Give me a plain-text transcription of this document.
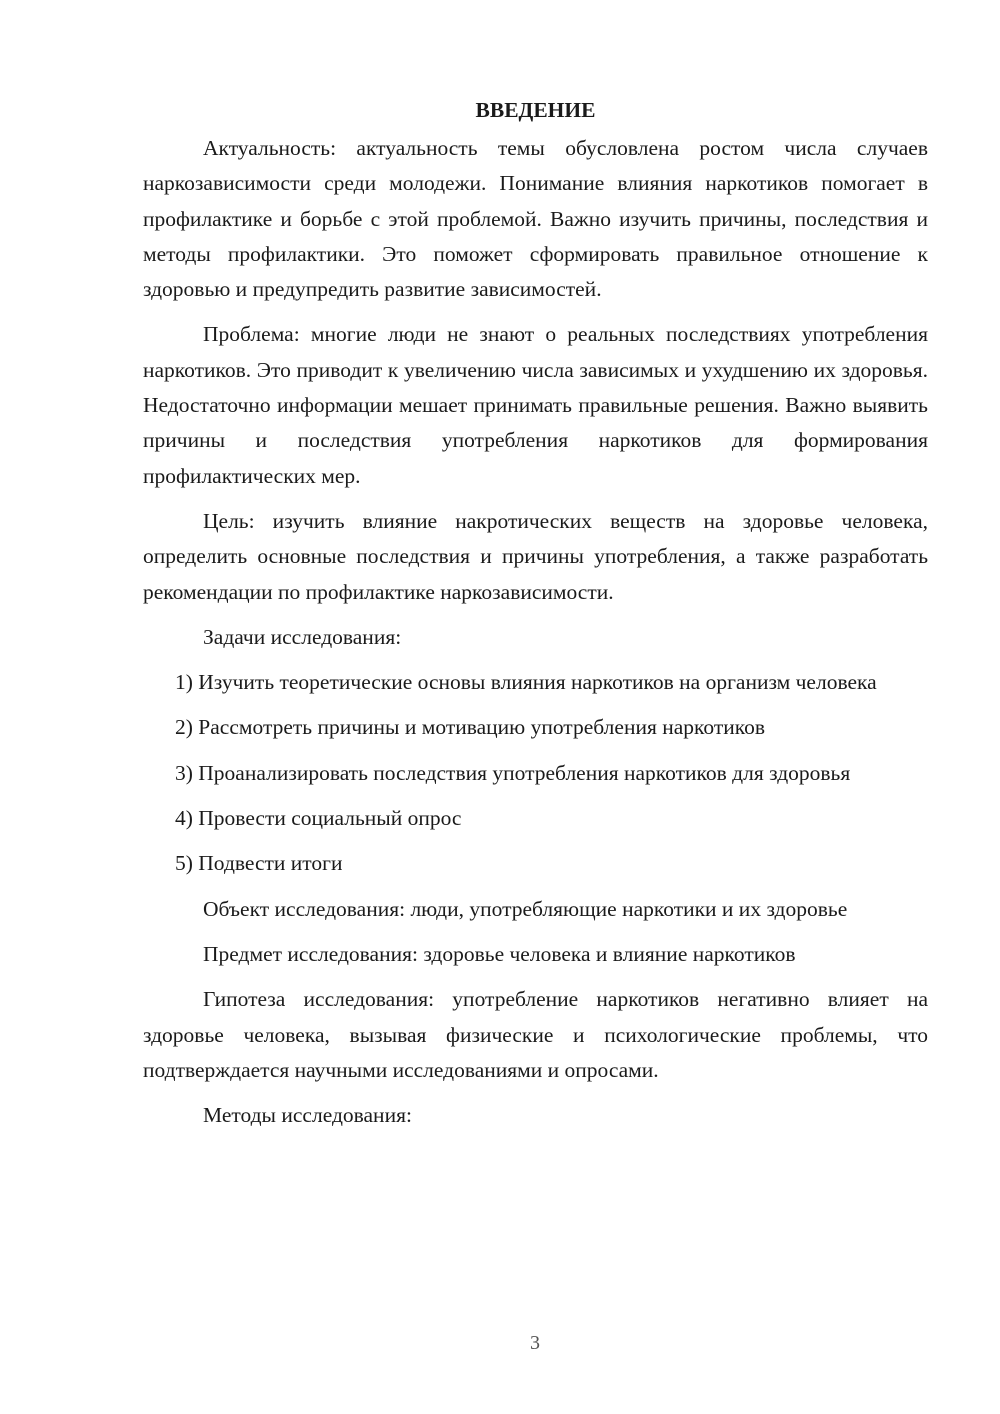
ВВЕДЕНИЕ

Актуальность: актуальность темы обусловлена ростом числа случаев наркозависимости среди молодежи. Понимание влияния наркотиков помогает в профилактике и борьбе с этой проблемой. Важно изучить причины, последствия и методы профилактики. Это поможет сформировать правильное отношение к здоровью и предупредить развитие зависимостей.

Проблема: многие люди не знают о реальных последствиях употребления наркотиков. Это приводит к увеличению числа зависимых и ухудшению их здоровья. Недостаточно информации мешает принимать правильные решения. Важно выявить причины и последствия употребления наркотиков для формирования профилактических мер.

Цель: изучить влияние накротических веществ на здоровье человека, определить основные последствия и причины употребления, а также разработать рекомендации по профилактике наркозависимости.

Задачи исследования:

1) Изучить теоретические основы влияния наркотиков на организм человека

2) Рассмотреть причины и мотивацию употребления наркотиков

3) Проанализировать последствия употребления наркотиков для здоровья

4) Провести социальный опрос

5) Подвести итоги

Объект исследования: люди, употребляющие наркотики и их здоровье

Предмет исследования: здоровье человека и влияние наркотиков

Гипотеза исследования: употребление наркотиков негативно влияет на здоровье человека, вызывая физические и психологические проблемы, что подтверждается научными исследованиями и опросами.

Методы исследования:

3
